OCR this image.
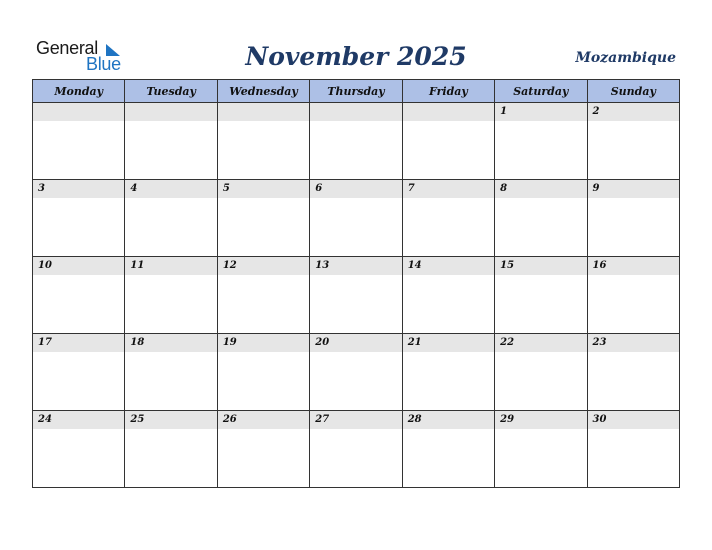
General
Blue	November 2025	Mozambique
Monday	Tuesday	Wednesday	Thursday	Friday	Saturday	Sunday

					1	2

3	4	5	6	7	8	9

10	11	12	13	14	15	16

17	18	19	20	21	22	23

24	25	26	27	28	29	30
